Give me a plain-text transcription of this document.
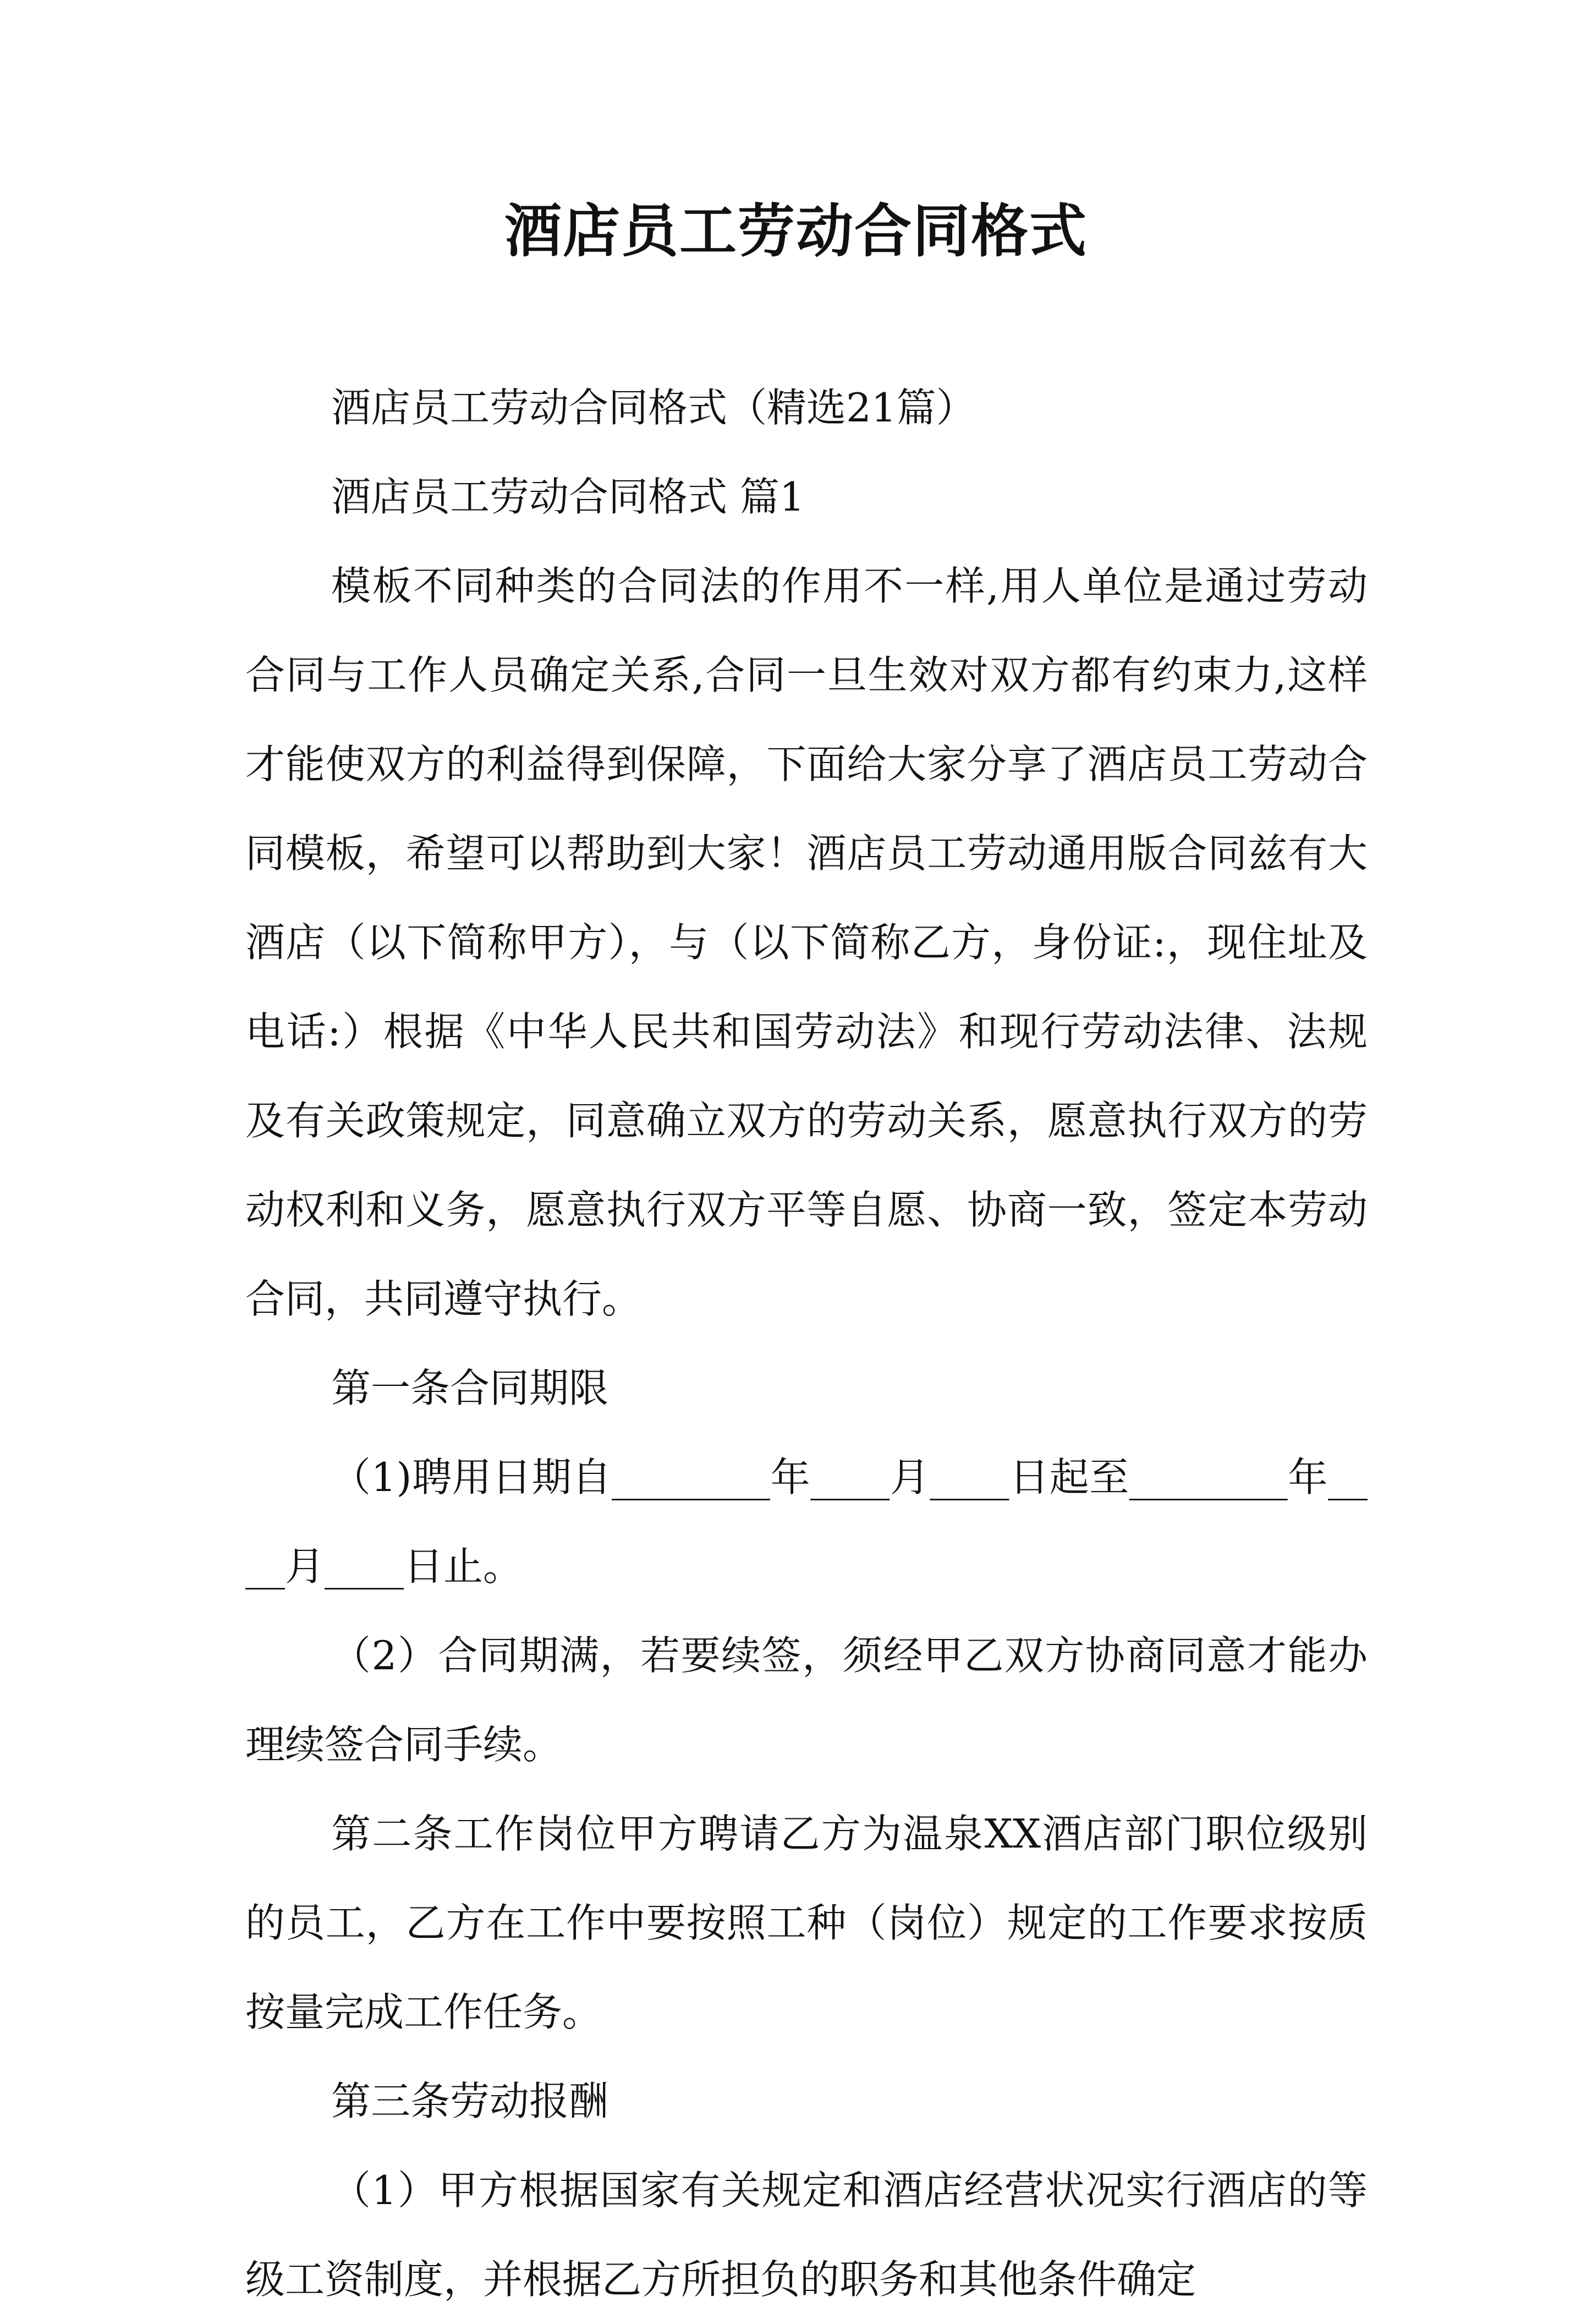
酒店员工劳动合同格式

酒店员工劳动合同格式（精选21篇）

酒店员工劳动合同格式 篇1

模板不同种类的合同法的作用不一样,用人单位是通过劳动合同与工作人员确定关系,合同一旦生效对双方都有约束力,这样才能使双方的利益得到保障，下面给大家分享了酒店员工劳动合同模板，希望可以帮助到大家！酒店员工劳动通用版合同兹有大酒店（以下简称甲方），与（以下简称乙方，身份证:，现住址及电话:）根据《中华人民共和国劳动法》和现行劳动法律、法规及有关政策规定，同意确立双方的劳动关系，愿意执行双方的劳动权利和义务，愿意执行双方平等自愿、协商一致，签定本劳动合同，共同遵守执行。

第一条合同期限

（1)聘用日期自________年____月____日起至________年____月____日止。

（2）合同期满，若要续签，须经甲乙双方协商同意才能办理续签合同手续。

第二条工作岗位甲方聘请乙方为温泉XX酒店部门职位级别的员工，乙方在工作中要按照工种（岗位）规定的工作要求按质按量完成工作任务。

第三条劳动报酬

（1）甲方根据国家有关规定和酒店经营状况实行酒店的等级工资制度，并根据乙方所担负的职务和其他条件确定
